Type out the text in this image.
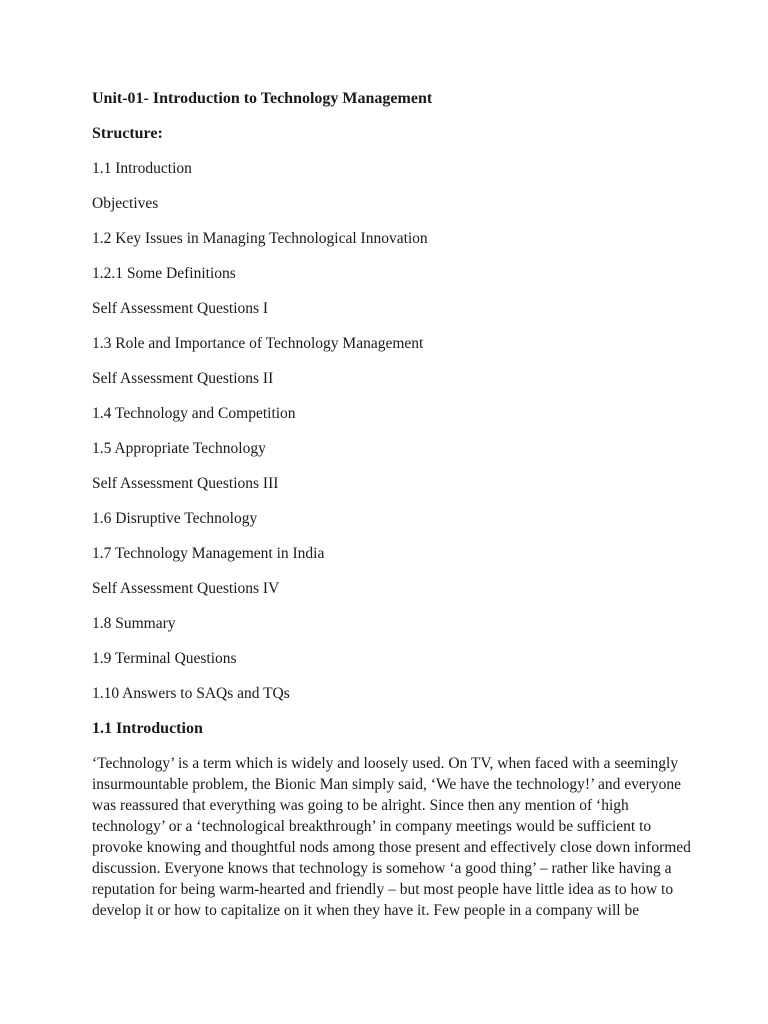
Unit-01- Introduction to Technology Management
Structure:
1.1 Introduction
Objectives
1.2 Key Issues in Managing Technological Innovation
1.2.1 Some Definitions
Self Assessment Questions I
1.3 Role and Importance of Technology Management
Self Assessment Questions II
1.4 Technology and Competition
1.5 Appropriate Technology
Self Assessment Questions III
1.6 Disruptive Technology
1.7 Technology Management in India
Self Assessment Questions IV
1.8 Summary
1.9 Terminal Questions
1.10 Answers to SAQs and TQs
1.1 Introduction
‘Technology’ is a term which is widely and loosely used. On TV, when faced with a seemingly
insurmountable problem, the Bionic Man simply said, ‘We have the technology!’ and everyone
was reassured that everything was going to be alright. Since then any mention of ‘high
technology’ or a ‘technological breakthrough’ in company meetings would be sufficient to
provoke knowing and thoughtful nods among those present and effectively close down informed
discussion. Everyone knows that technology is somehow ‘a good thing’ – rather like having a
reputation for being warm-hearted and friendly – but most people have little idea as to how to
develop it or how to capitalize on it when they have it. Few people in a company will be
